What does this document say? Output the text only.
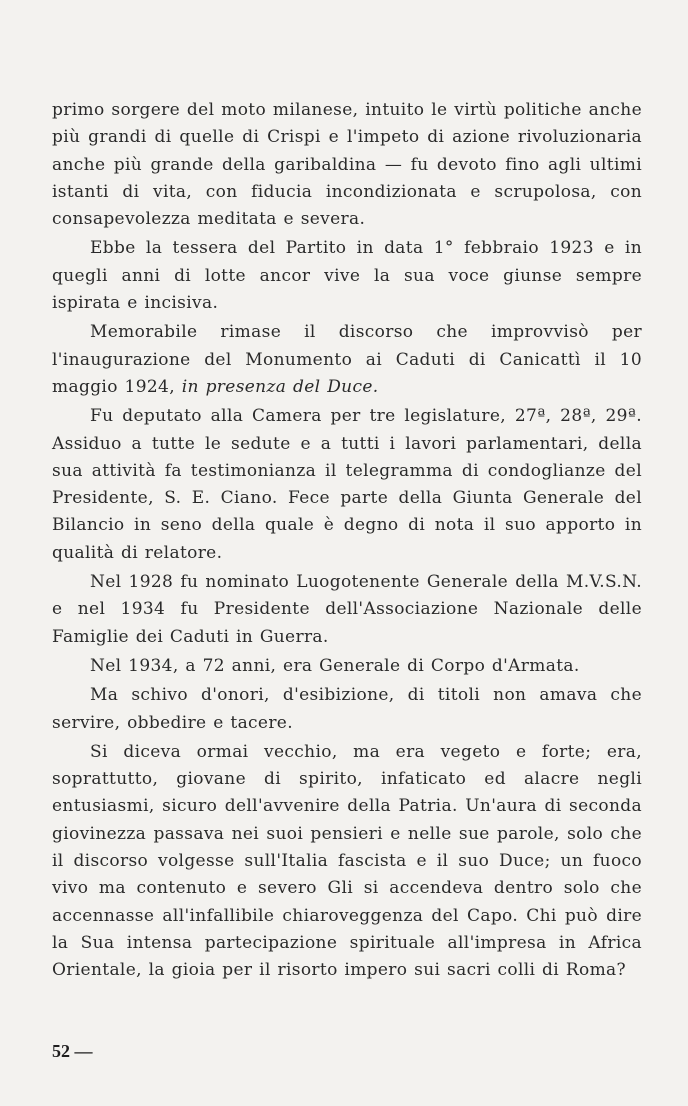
primo sorgere del moto milanese, intuito le virtù politiche anche più grandi di quelle di Crispi e l'impeto di azione rivoluzionaria anche più grande della garibaldina — fu devoto fino agli ultimi istanti di vita, con fiducia incondizionata e scrupolosa, con consapevolezza meditata e severa.

Ebbe la tessera del Partito in data 1° febbraio 1923 e in quegli anni di lotte ancor vive la sua voce giunse sempre ispirata e incisiva.

Memorabile rimase il discorso che improvvisò per l'inaugurazione del Monumento ai Caduti di Canicattì il 10 maggio 1924, in presenza del Duce.

Fu deputato alla Camera per tre legislature, 27ª, 28ª, 29ª. Assiduo a tutte le sedute e a tutti i lavori parlamentari, della sua attività fa testimonianza il telegramma di condoglianze del Presidente, S. E. Ciano. Fece parte della Giunta Generale del Bilancio in seno della quale è degno di nota il suo apporto in qualità di relatore.

Nel 1928 fu nominato Luogotenente Generale della M.V.S.N. e nel 1934 fu Presidente dell'Associazione Nazionale delle Famiglie dei Caduti in Guerra.

Nel 1934, a 72 anni, era Generale di Corpo d'Armata.

Ma schivo d'onori, d'esibizione, di titoli non amava che servire, obbedire e tacere.

Si diceva ormai vecchio, ma era vegeto e forte; era, soprattutto, giovane di spirito, infaticato ed alacre negli entusiasmi, sicuro dell'avvenire della Patria. Un'aura di seconda giovinezza passava nei suoi pensieri e nelle sue parole, solo che il discorso volgesse sull'Italia fascista e il suo Duce; un fuoco vivo ma contenuto e severo Gli si accendeva dentro solo che accennasse all'infallibile chiaroveggenza del Capo. Chi può dire la Sua intensa partecipazione spirituale all'impresa in Africa Orientale, la gioia per il risorto impero sui sacri colli di Roma?

52 —
